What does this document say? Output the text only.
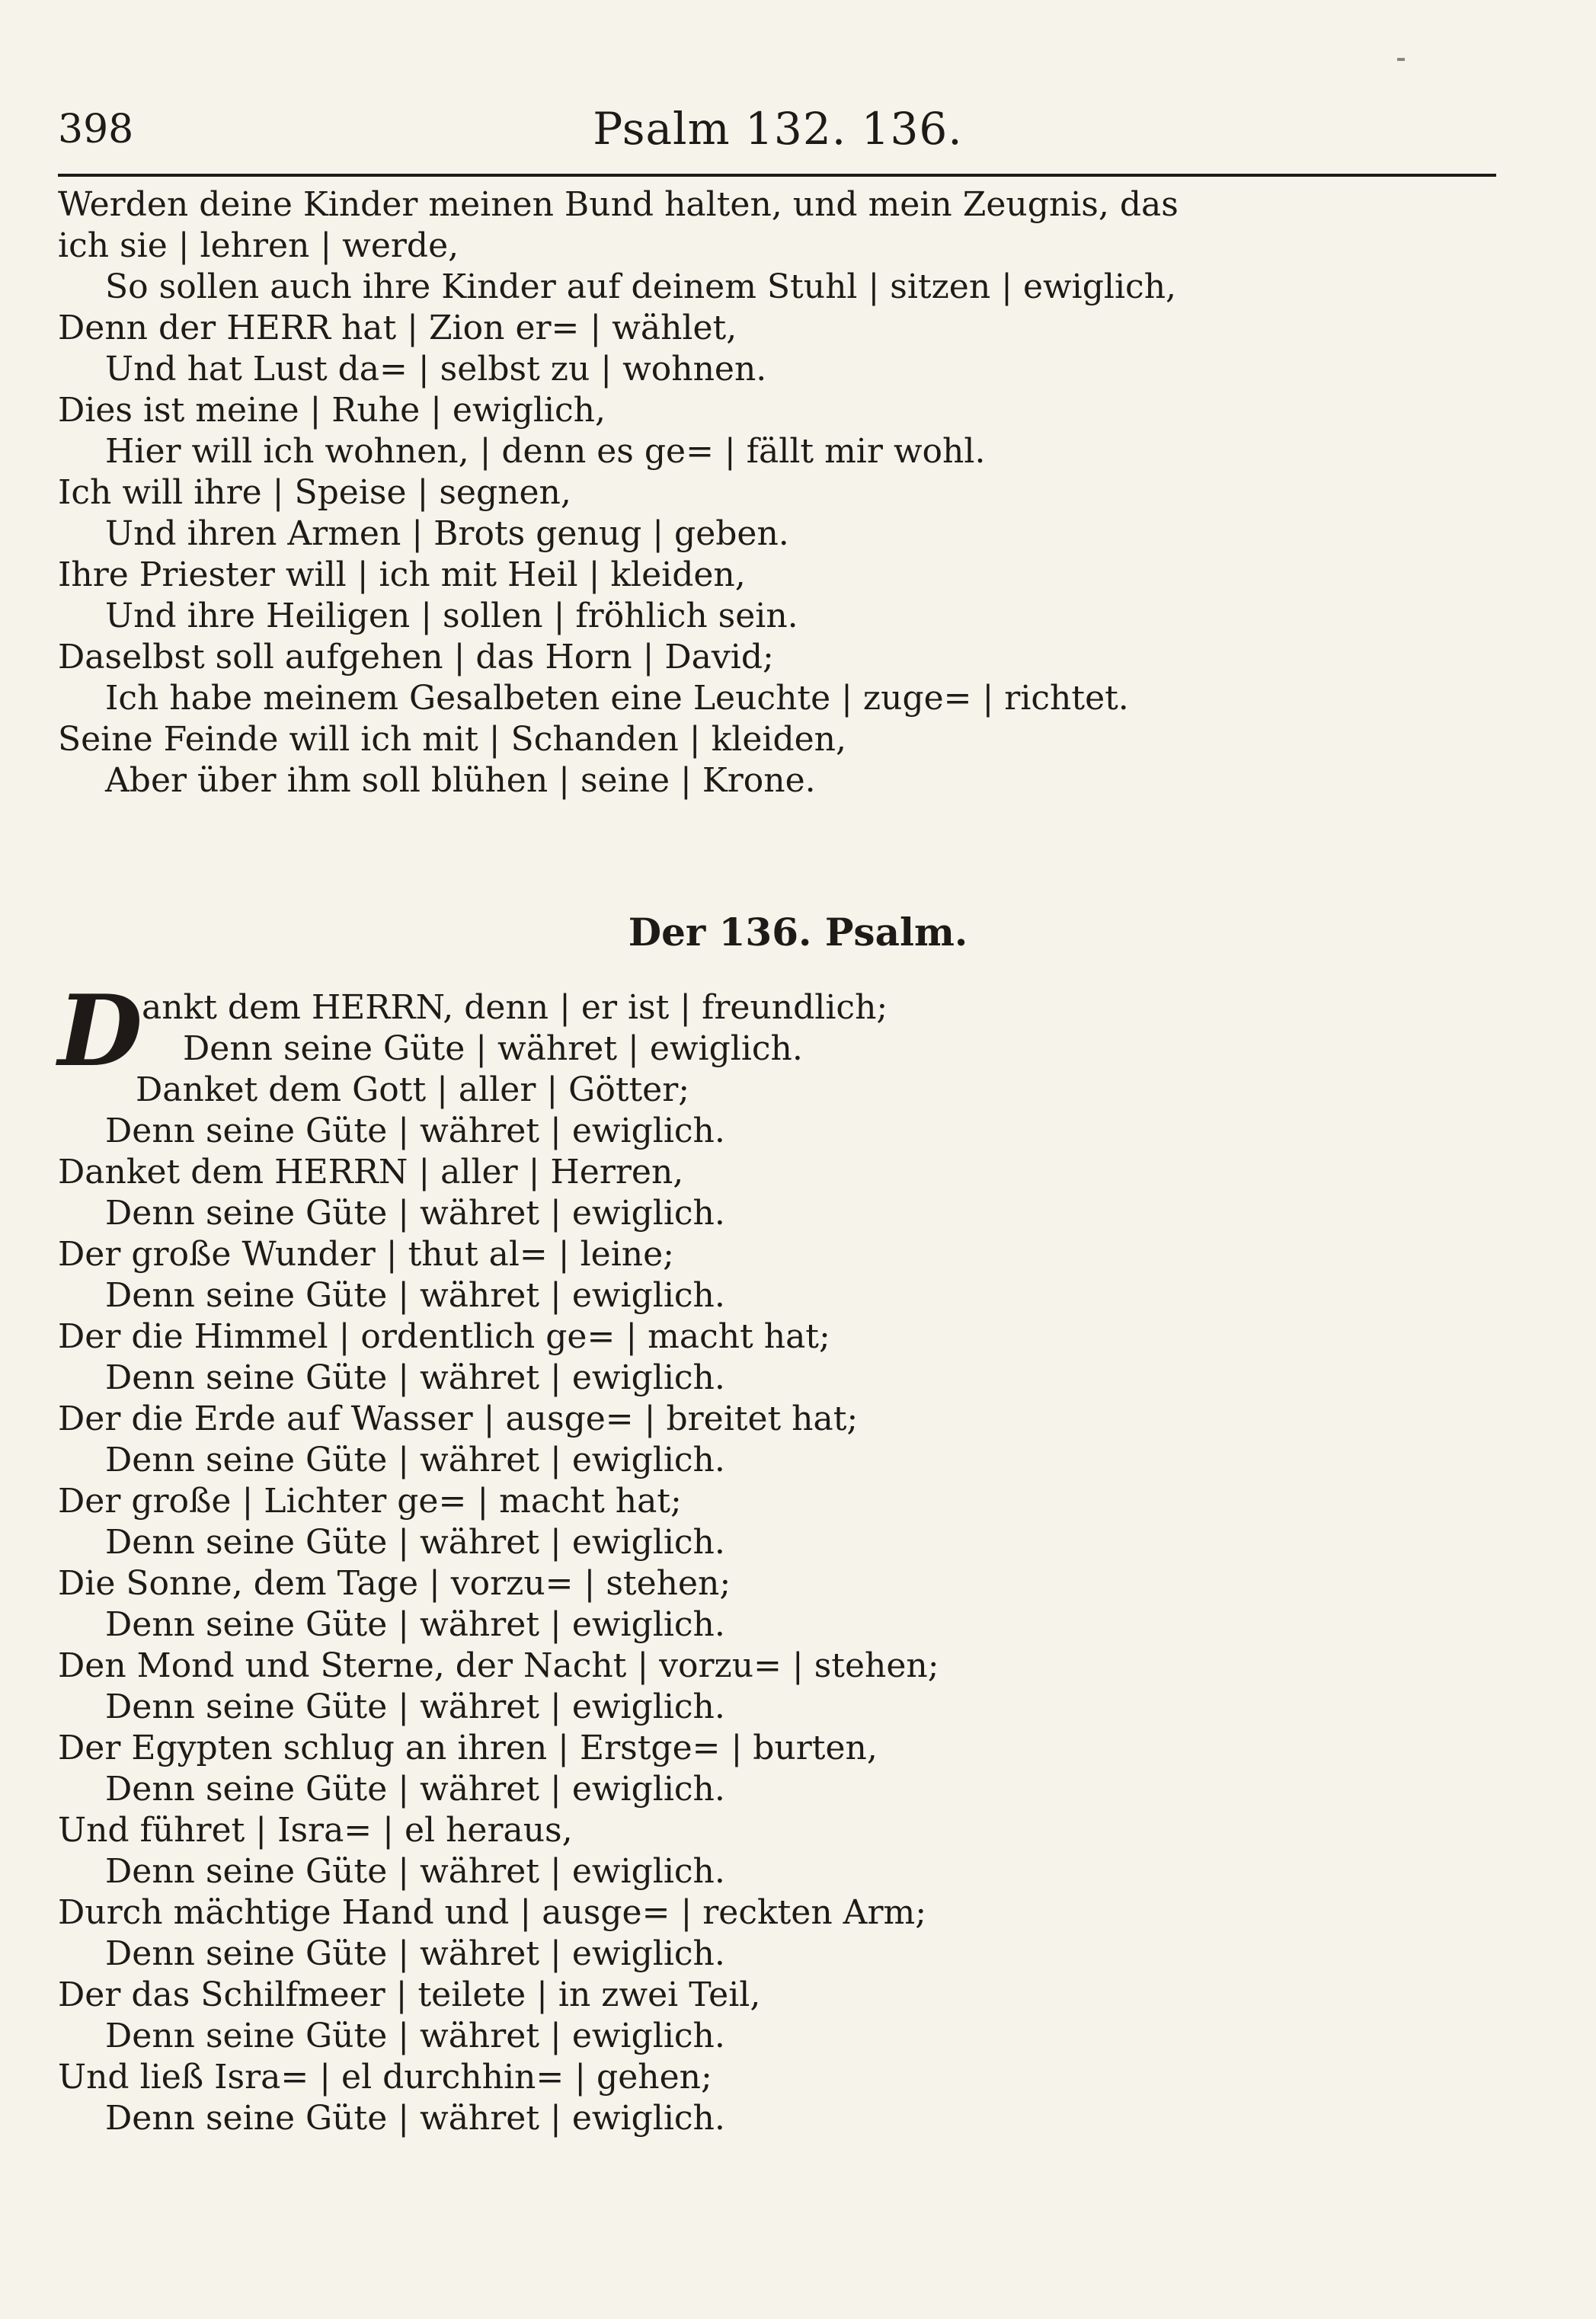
398	Psalm 132. 136.
Werden deine Kinder meinen Bund halten, und mein Zeugnis, das
ich sie | lehren | werde,
So sollen auch ihre Kinder auf deinem Stuhl | sitzen | ewiglich,
Denn der HERR hat | Zion er= | wählet,
Und hat Lust da= | selbst zu | wohnen.
Dies ist meine | Ruhe | ewiglich,
Hier will ich wohnen, | denn es ge= | fällt mir wohl.
Ich will ihre | Speise | segnen,
Und ihren Armen | Brots genug | geben.
Ihre Priester will | ich mit Heil | kleiden,
Und ihre Heiligen | sollen | fröhlich sein.
Daselbst soll aufgehen | das Horn | David;
Ich habe meinem Gesalbeten eine Leuchte | zuge= | richtet.
Seine Feinde will ich mit | Schanden | kleiden,
Aber über ihm soll blühen | seine | Krone.
Der 136. Psalm.
D ankt dem HERRN, denn | er ist | freundlich;
Denn seine Güte | währet | ewiglich.
Danket dem Gott | aller | Götter;
Denn seine Güte | währet | ewiglich.
Danket dem HERRN | aller | Herren,
Denn seine Güte | währet | ewiglich.
Der große Wunder | thut al= | leine;
Denn seine Güte | währet | ewiglich.
Der die Himmel | ordentlich ge= | macht hat;
Denn seine Güte | währet | ewiglich.
Der die Erde auf Wasser | ausge= | breitet hat;
Denn seine Güte | währet | ewiglich.
Der große | Lichter ge= | macht hat;
Denn seine Güte | währet | ewiglich.
Die Sonne, dem Tage | vorzu= | stehen;
Denn seine Güte | währet | ewiglich.
Den Mond und Sterne, der Nacht | vorzu= | stehen;
Denn seine Güte | währet | ewiglich.
Der Egypten schlug an ihren | Erstge= | burten,
Denn seine Güte | währet | ewiglich.
Und führet | Isra= | el heraus,
Denn seine Güte | währet | ewiglich.
Durch mächtige Hand und | ausge= | reckten Arm;
Denn seine Güte | währet | ewiglich.
Der das Schilfmeer | teilete | in zwei Teil,
Denn seine Güte | währet | ewiglich.
Und ließ Isra= | el durchhin= | gehen;
Denn seine Güte | währet | ewiglich.
